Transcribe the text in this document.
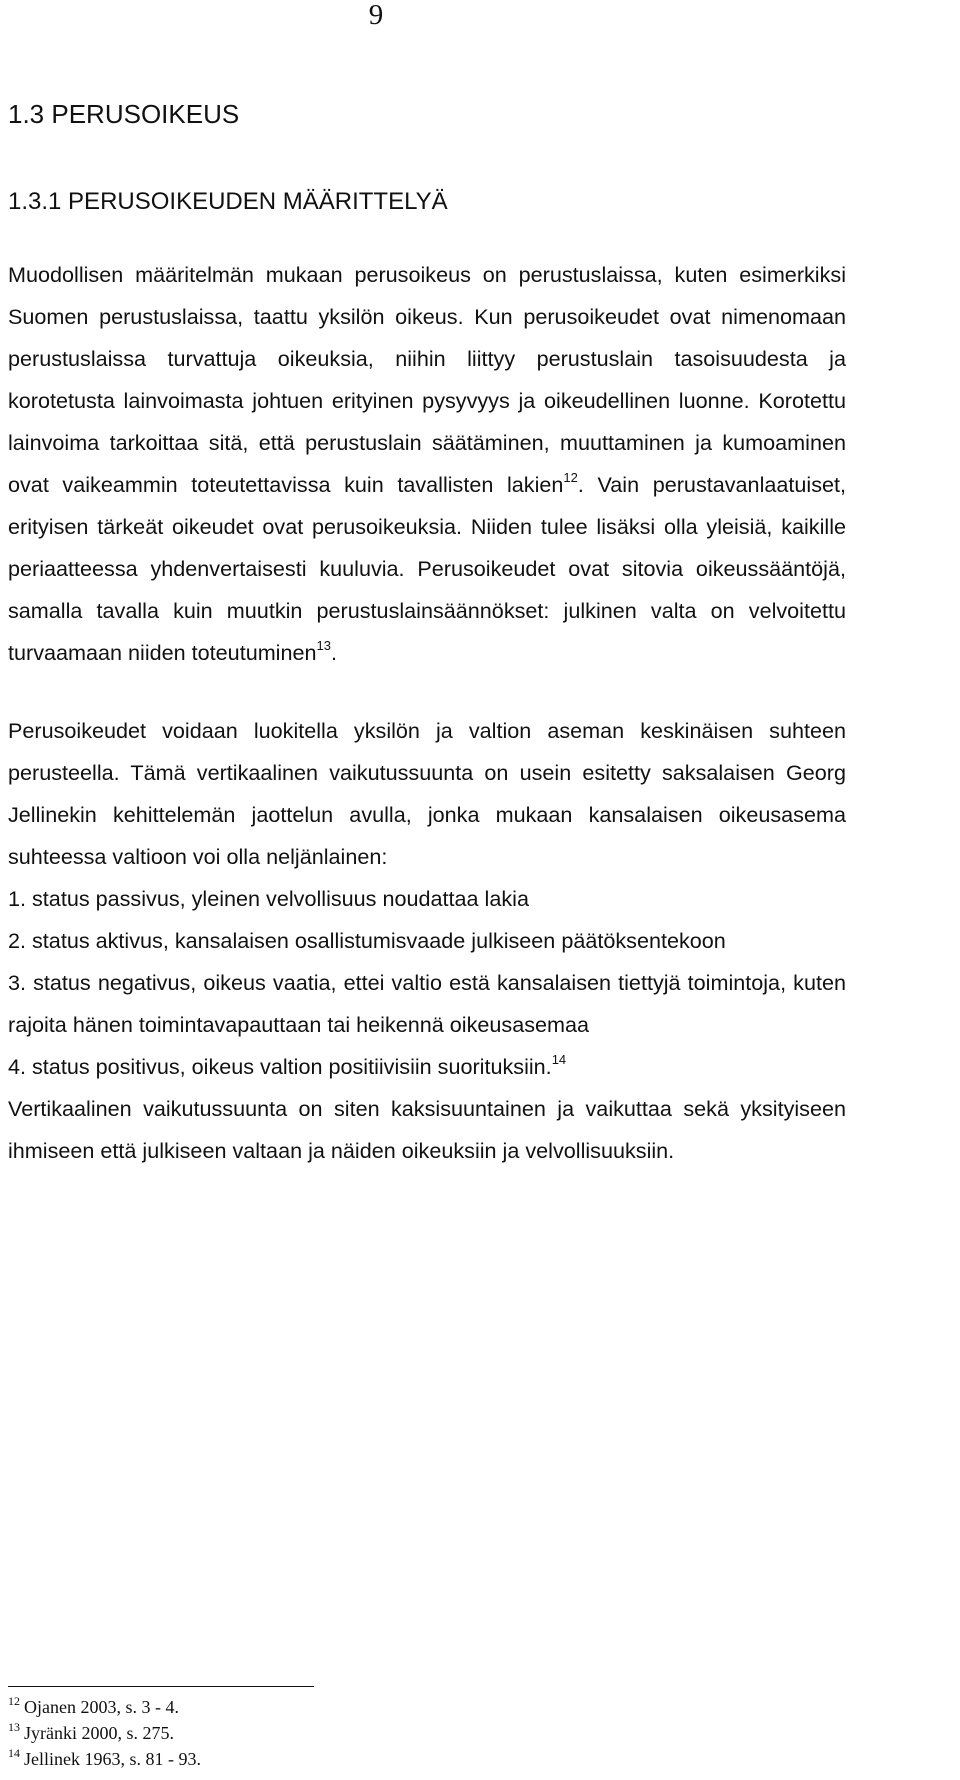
9
1.3 PERUSOIKEUS
1.3.1 PERUSOIKEUDEN MÄÄRITTELYÄ

Muodollisen määritelmän mukaan perusoikeus on perustuslaissa, kuten esimerkiksi Suomen perustuslaissa, taattu yksilön oikeus. Kun perusoikeudet ovat nimenomaan perustuslaissa turvattuja oikeuksia, niihin liittyy perustuslain tasoisuudesta ja korotetusta lainvoimasta johtuen erityinen pysyvyys ja oikeudellinen luonne. Korotettu lainvoima tarkoittaa sitä, että perustuslain säätäminen, muuttaminen ja kumoaminen ovat vaikeammin toteutettavissa kuin tavallisten lakien$^{12}$. Vain perustavanlaatuiset, erityisen tärkeät oikeudet ovat perusoikeuksia. Niiden tulee lisäksi olla yleisiä, kaikille periaatteessa yhdenvertaisesti kuuluvia. Perusoikeudet ovat sitovia oikeussääntöjä, samalla tavalla kuin muutkin perustuslainsäännökset: julkinen valta on velvoitettu turvaamaan niiden toteutuminen$^{13}$.

Perusoikeudet voidaan luokitella yksilön ja valtion aseman keskinäisen suhteen perusteella. Tämä vertikaalinen vaikutussuunta on usein esitetty saksalaisen Georg Jellinekin kehittelemän jaottelun avulla, jonka mukaan kansalaisen oikeusasema suhteessa valtioon voi olla neljänlainen:

1. status passivus, yleinen velvollisuus noudattaa lakia
2. status aktivus, kansalaisen osallistumisvaade julkiseen päätöksentekoon
3. status negativus, oikeus vaatia, ettei valtio estä kansalaisen tiettyjä toimintoja, kuten rajoita hänen toimintavapauttaan tai heikennä oikeusasemaa
4. status positivus, oikeus valtion positiivisiin suorituksiin.$^{14}$

Vertikaalinen vaikutussuunta on siten kaksisuuntainen ja vaikuttaa sekä yksityiseen ihmiseen että julkiseen valtaan ja näiden oikeuksiin ja velvollisuuksiin.

$^{12}$ Ojanen 2003, s. 3 - 4.
$^{13}$ Jyränki 2000, s. 275.
$^{14}$ Jellinek 1963, s. 81 - 93.
